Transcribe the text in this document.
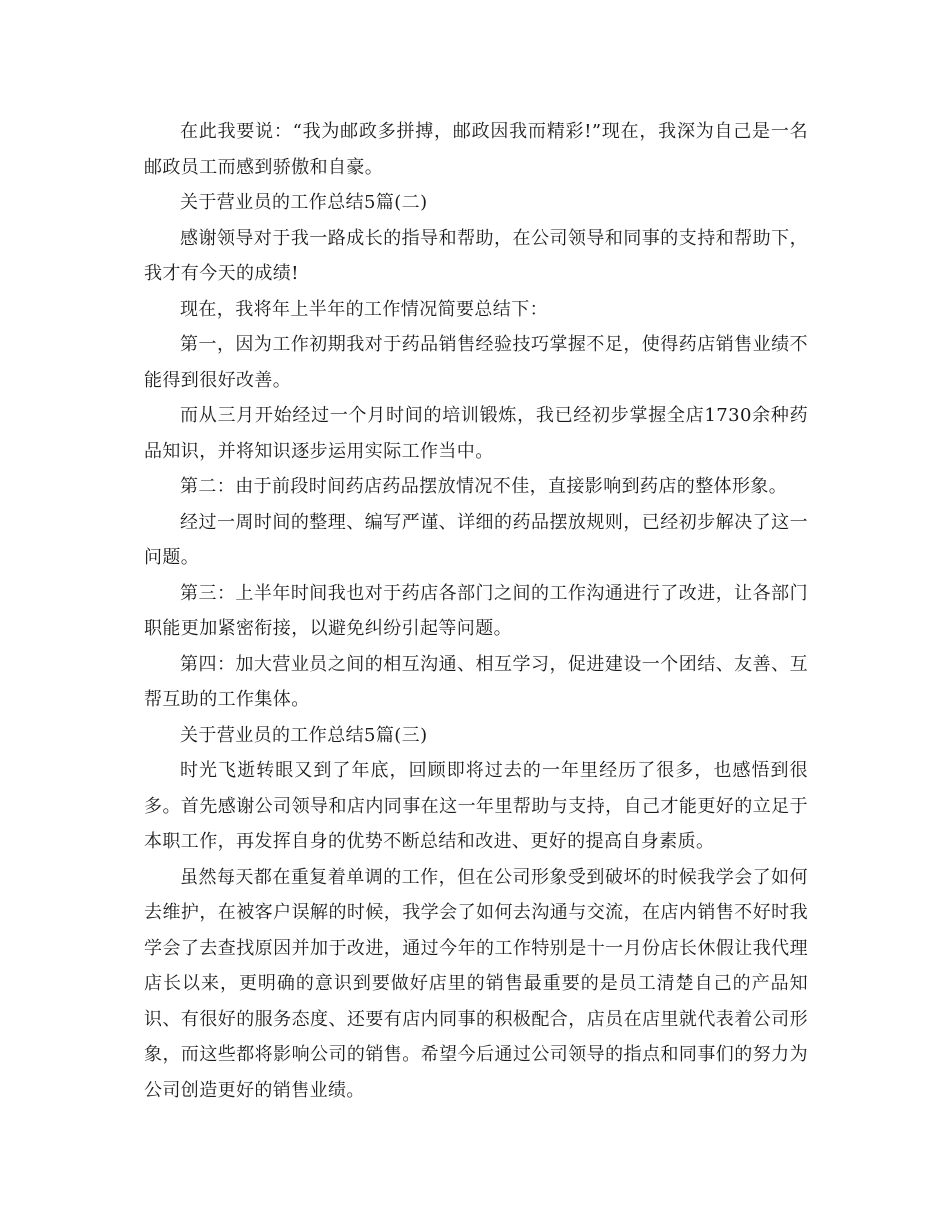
在此我要说：“我为邮政多拼搏，邮政因我而精彩!”现在，我深为自己是一名邮政员工而感到骄傲和自豪。

关于营业员的工作总结5篇(二)

感谢领导对于我一路成长的指导和帮助，在公司领导和同事的支持和帮助下，我才有今天的成绩!

现在，我将年上半年的工作情况简要总结下：

第一，因为工作初期我对于药品销售经验技巧掌握不足，使得药店销售业绩不能得到很好改善。

而从三月开始经过一个月时间的培训锻炼，我已经初步掌握全店1730余种药品知识，并将知识逐步运用实际工作当中。

第二：由于前段时间药店药品摆放情况不佳，直接影响到药店的整体形象。

经过一周时间的整理、编写严谨、详细的药品摆放规则，已经初步解决了这一问题。

第三：上半年时间我也对于药店各部门之间的工作沟通进行了改进，让各部门职能更加紧密衔接，以避免纠纷引起等问题。

第四：加大营业员之间的相互沟通、相互学习，促进建设一个团结、友善、互帮互助的工作集体。

关于营业员的工作总结5篇(三)

时光飞逝转眼又到了年底，回顾即将过去的一年里经历了很多，也感悟到很多。首先感谢公司领导和店内同事在这一年里帮助与支持，自己才能更好的立足于本职工作，再发挥自身的优势不断总结和改进、更好的提高自身素质。

虽然每天都在重复着单调的工作，但在公司形象受到破坏的时候我学会了如何去维护，在被客户误解的时候，我学会了如何去沟通与交流，在店内销售不好时我学会了去查找原因并加于改进，通过今年的工作特别是十一月份店长休假让我代理店长以来，更明确的意识到要做好店里的销售最重要的是员工清楚自己的产品知识、有很好的服务态度、还要有店内同事的积极配合，店员在店里就代表着公司形象，而这些都将影响公司的销售。希望今后通过公司领导的指点和同事们的努力为公司创造更好的销售业绩。
